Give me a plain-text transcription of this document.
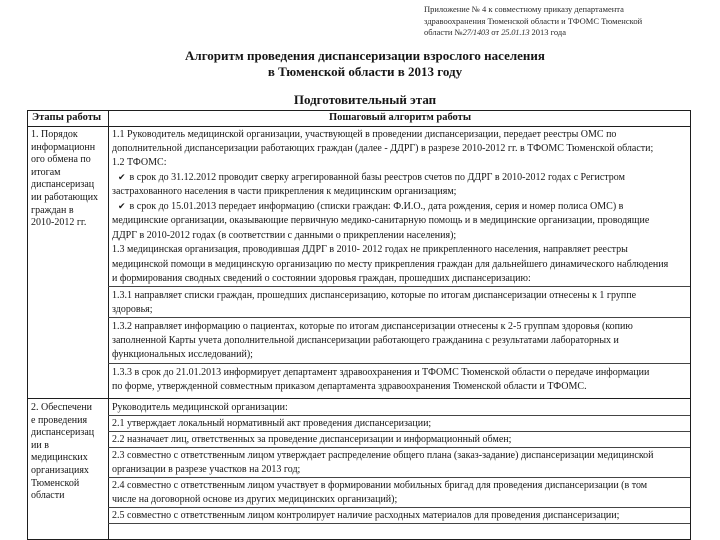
Приложение № 4 к совместному приказу департамента
здравоохранения Тюменской области и ТФОМС Тюменской
области №27/1403 от 25.01.13 2013 года
Алгоритм проведения диспансеризации взрослого населения
в Тюменской области в 2013 году
Подготовительный этап
Этапы работы	Пошаговый алгоритм работы
1. Порядок
информационн
ого обмена по
итогам
диспансеризац
ии работающих
граждан в
2010-2012 гг.
1.1 Руководитель медицинской организации, участвующей в проведении диспансеризации, передает реестры ОМС по
дополнительной диспансеризации работающих граждан (далее - ДДРГ) в разрезе 2010-2012 гг. в ТФОМС Тюменской области;
1.2 ТФОМС:
✔ в срок до 31.12.2012 проводит сверку агрегированной базы реестров счетов по ДДРГ в 2010-2012 годах с Регистром
застрахованного населения в части прикрепления к медицинским организациям;
✔ в срок до 15.01.2013 передает информацию (списки граждан: Ф.И.О., дата рождения, серия и номер полиса ОМС) в
медицинские организации, оказывающие первичную медико-санитарную помощь и в медицинские организации, проводящие
ДДРГ в 2010-2012 годах (в соответствии с данными о прикреплении населения);
1.3 медицинская организация, проводившая ДДРГ в 2010- 2012 годах не прикрепленного населения, направляет реестры
медицинской помощи в медицинскую организацию по месту прикрепления граждан для дальнейшего динамического наблюдения
и формирования сводных сведений о состоянии здоровья граждан, прошедших диспансеризацию:
1.3.1 направляет списки граждан, прошедших диспансеризацию, которые по итогам диспансеризации отнесены к 1 группе
здоровья;
1.3.2 направляет информацию о пациентах, которые по итогам диспансеризации отнесены к 2-5 группам здоровья (копию
заполненной Карты учета дополнительной диспансеризации работающего гражданина с результатами лабораторных и
функциональных исследований);
1.3.3 в срок до 21.01.2013 информирует департамент здравоохранения и ТФОМС Тюменской области о передаче информации
по форме, утвержденной совместным приказом департамента здравоохранения Тюменской области и ТФОМС.
2. Обеспечени
е проведения
диспансеризац
ии в
медицинских
организациях
Тюменской
области
Руководитель медицинской организации:
2.1 утверждает локальный нормативный акт проведения диспансеризации;
2.2 назначает лиц, ответственных за проведение диспансеризации и информационный обмен;
2.3 совместно с ответственным лицом утверждает распределение общего плана (заказ-задание) диспансеризации медицинской
организации в разрезе участков на 2013 год;
2.4 совместно с ответственным лицом участвует в формировании мобильных бригад для проведения диспансеризации (в том
числе на договорной основе из других медицинских организаций);
2.5 совместно с ответственным лицом контролирует наличие расходных материалов для проведения диспансеризации;
